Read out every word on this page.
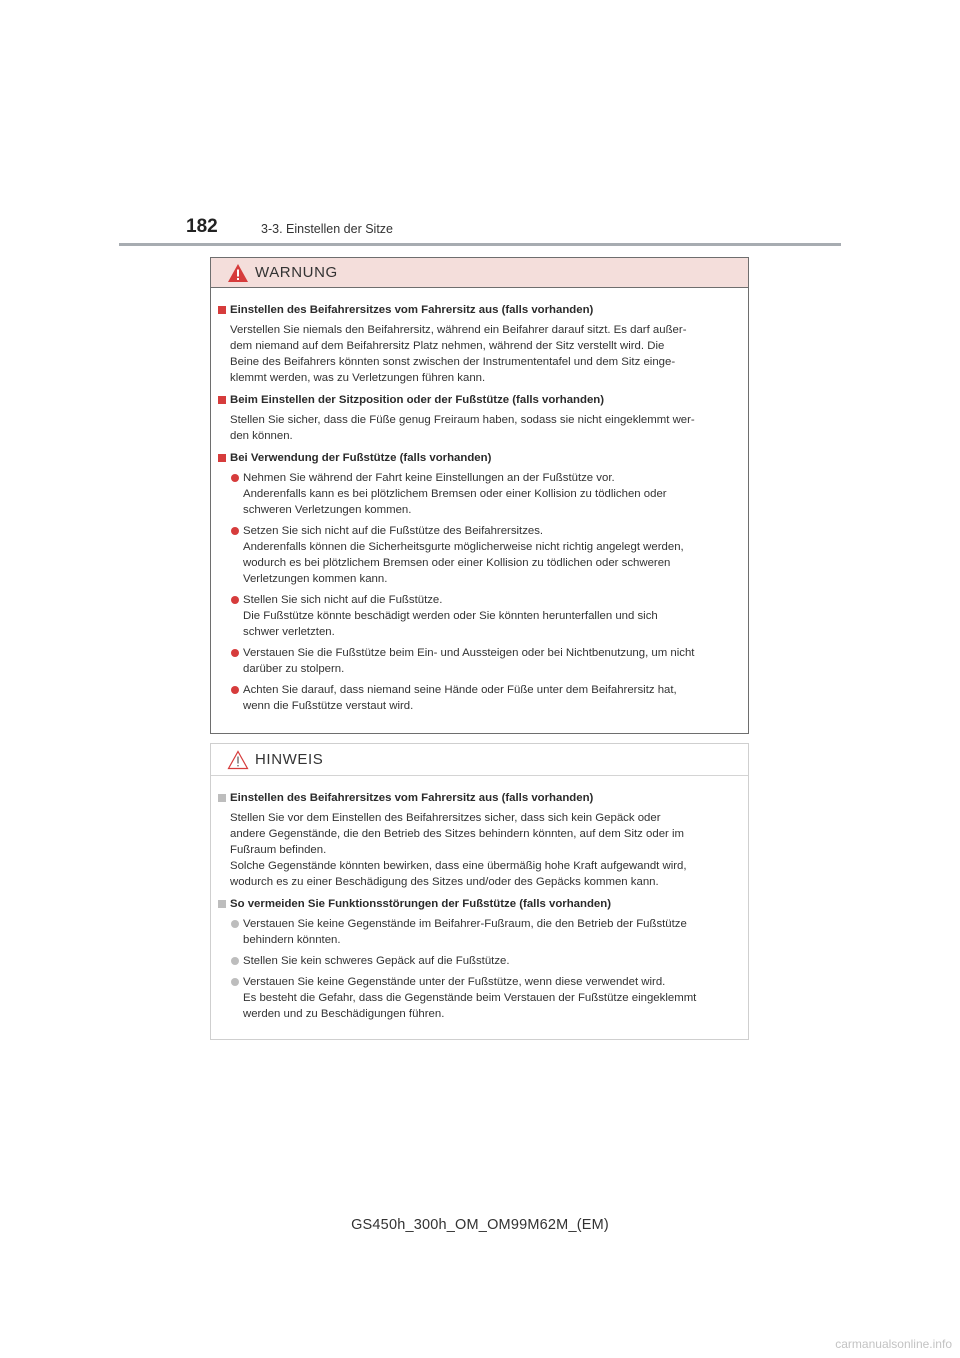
182	3-3. Einstellen der Sitze
WARNUNG
Einstellen des Beifahrersitzes vom Fahrersitz aus (falls vorhanden)
Verstellen Sie niemals den Beifahrersitz, während ein Beifahrer darauf sitzt. Es darf außer-
dem niemand auf dem Beifahrersitz Platz nehmen, während der Sitz verstellt wird. Die
Beine des Beifahrers könnten sonst zwischen der Instrumententafel und dem Sitz einge-
klemmt werden, was zu Verletzungen führen kann.
Beim Einstellen der Sitzposition oder der Fußstütze (falls vorhanden)
Stellen Sie sicher, dass die Füße genug Freiraum haben, sodass sie nicht eingeklemmt wer-
den können.
Bei Verwendung der Fußstütze (falls vorhanden)
Nehmen Sie während der Fahrt keine Einstellungen an der Fußstütze vor.
Anderenfalls kann es bei plötzlichem Bremsen oder einer Kollision zu tödlichen oder
schweren Verletzungen kommen.
Setzen Sie sich nicht auf die Fußstütze des Beifahrersitzes.
Anderenfalls können die Sicherheitsgurte möglicherweise nicht richtig angelegt werden,
wodurch es bei plötzlichem Bremsen oder einer Kollision zu tödlichen oder schweren
Verletzungen kommen kann.
Stellen Sie sich nicht auf die Fußstütze.
Die Fußstütze könnte beschädigt werden oder Sie könnten herunterfallen und sich
schwer verletzten.
Verstauen Sie die Fußstütze beim Ein- und Aussteigen oder bei Nichtbenutzung, um nicht
darüber zu stolpern.
Achten Sie darauf, dass niemand seine Hände oder Füße unter dem Beifahrersitz hat,
wenn die Fußstütze verstaut wird.
HINWEIS
Einstellen des Beifahrersitzes vom Fahrersitz aus (falls vorhanden)
Stellen Sie vor dem Einstellen des Beifahrersitzes sicher, dass sich kein Gepäck oder
andere Gegenstände, die den Betrieb des Sitzes behindern könnten, auf dem Sitz oder im
Fußraum befinden.
Solche Gegenstände könnten bewirken, dass eine übermäßig hohe Kraft aufgewandt wird,
wodurch es zu einer Beschädigung des Sitzes und/oder des Gepäcks kommen kann.
So vermeiden Sie Funktionsstörungen der Fußstütze (falls vorhanden)
Verstauen Sie keine Gegenstände im Beifahrer-Fußraum, die den Betrieb der Fußstütze
behindern könnten.
Stellen Sie kein schweres Gepäck auf die Fußstütze.
Verstauen Sie keine Gegenstände unter der Fußstütze, wenn diese verwendet wird.
Es besteht die Gefahr, dass die Gegenstände beim Verstauen der Fußstütze eingeklemmt
werden und zu Beschädigungen führen.
GS450h_300h_OM_OM99M62M_(EM)
carmanualsonline.info
